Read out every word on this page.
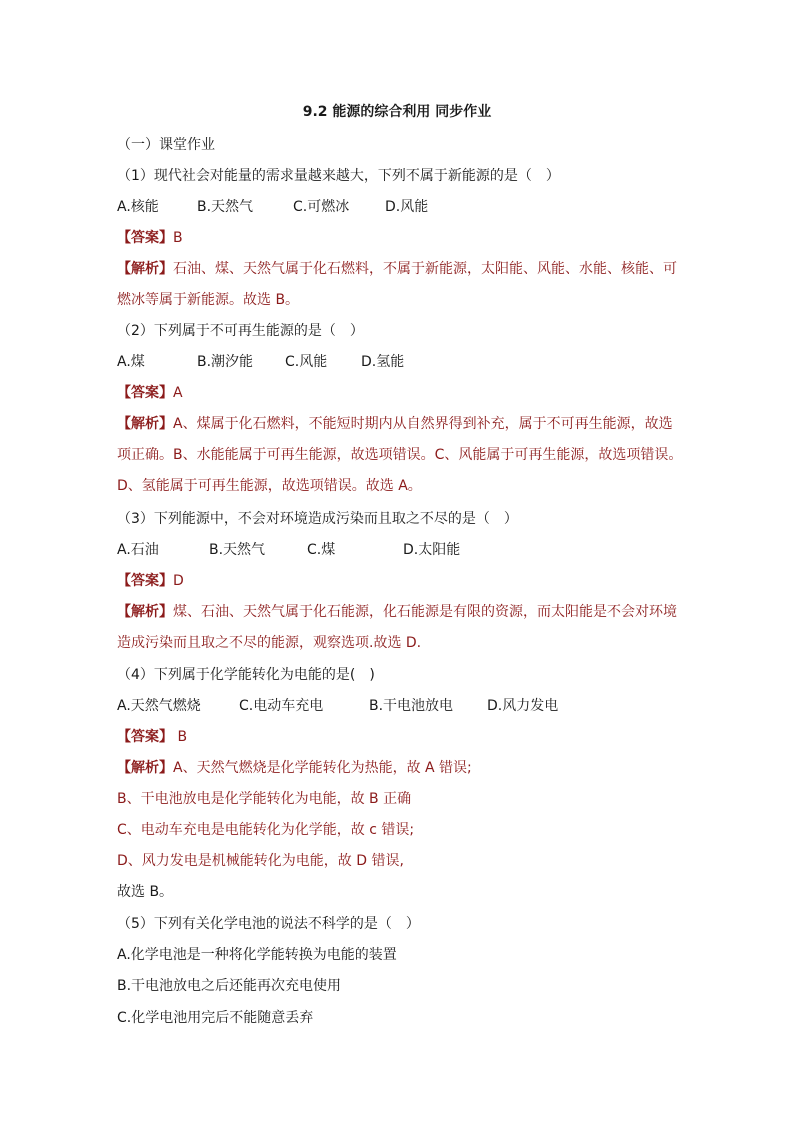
9.2 能源的综合利用 同步作业
（一）课堂作业
（1）现代社会对能量的需求量越来越大，下列不属于新能源的是（　）
A.核能	B.天然气	C.可燃冰	D.风能
【答案】B
【解析】石油、煤、天然气属于化石燃料，不属于新能源，太阳能、风能、水能、核能、可
燃冰等属于新能源。故选 B。
（2）下列属于不可再生能源的是（　）
A.煤	B.潮汐能 C.风能 D.氢能
【答案】A
【解析】A、煤属于化石燃料，不能短时期内从自然界得到补充，属于不可再生能源，故选
项正确。B、水能能属于可再生能源，故选项错误。C、风能属于可再生能源，故选项错误。
D、氢能属于可再生能源，故选项错误。故选 A。
（3）下列能源中，不会对环境造成污染而且取之不尽的是（　）
A.石油	B.天然气	C.煤	D.太阳能
【答案】D
【解析】煤、石油、天然气属于化石能源，化石能源是有限的资源，而太阳能是不会对环境
造成污染而且取之不尽的能源，观察选项.故选 D.
（4）下列属于化学能转化为电能的是(　)
A.天然气燃烧	C.电动车充电	B.干电池放电 D.风力发电
【答案】 B
【解析】A、天然气燃烧是化学能转化为热能，故 A 错误;
B、干电池放电是化学能转化为电能，故 B 正确
C、电动车充电是电能转化为化学能，故 c 错误;
D、风力发电是机械能转化为电能，故 D 错误,
故选 B。
（5）下列有关化学电池的说法不科学的是（　）
A.化学电池是一种将化学能转换为电能的装置
B.干电池放电之后还能再次充电使用
C.化学电池用完后不能随意丢弃
